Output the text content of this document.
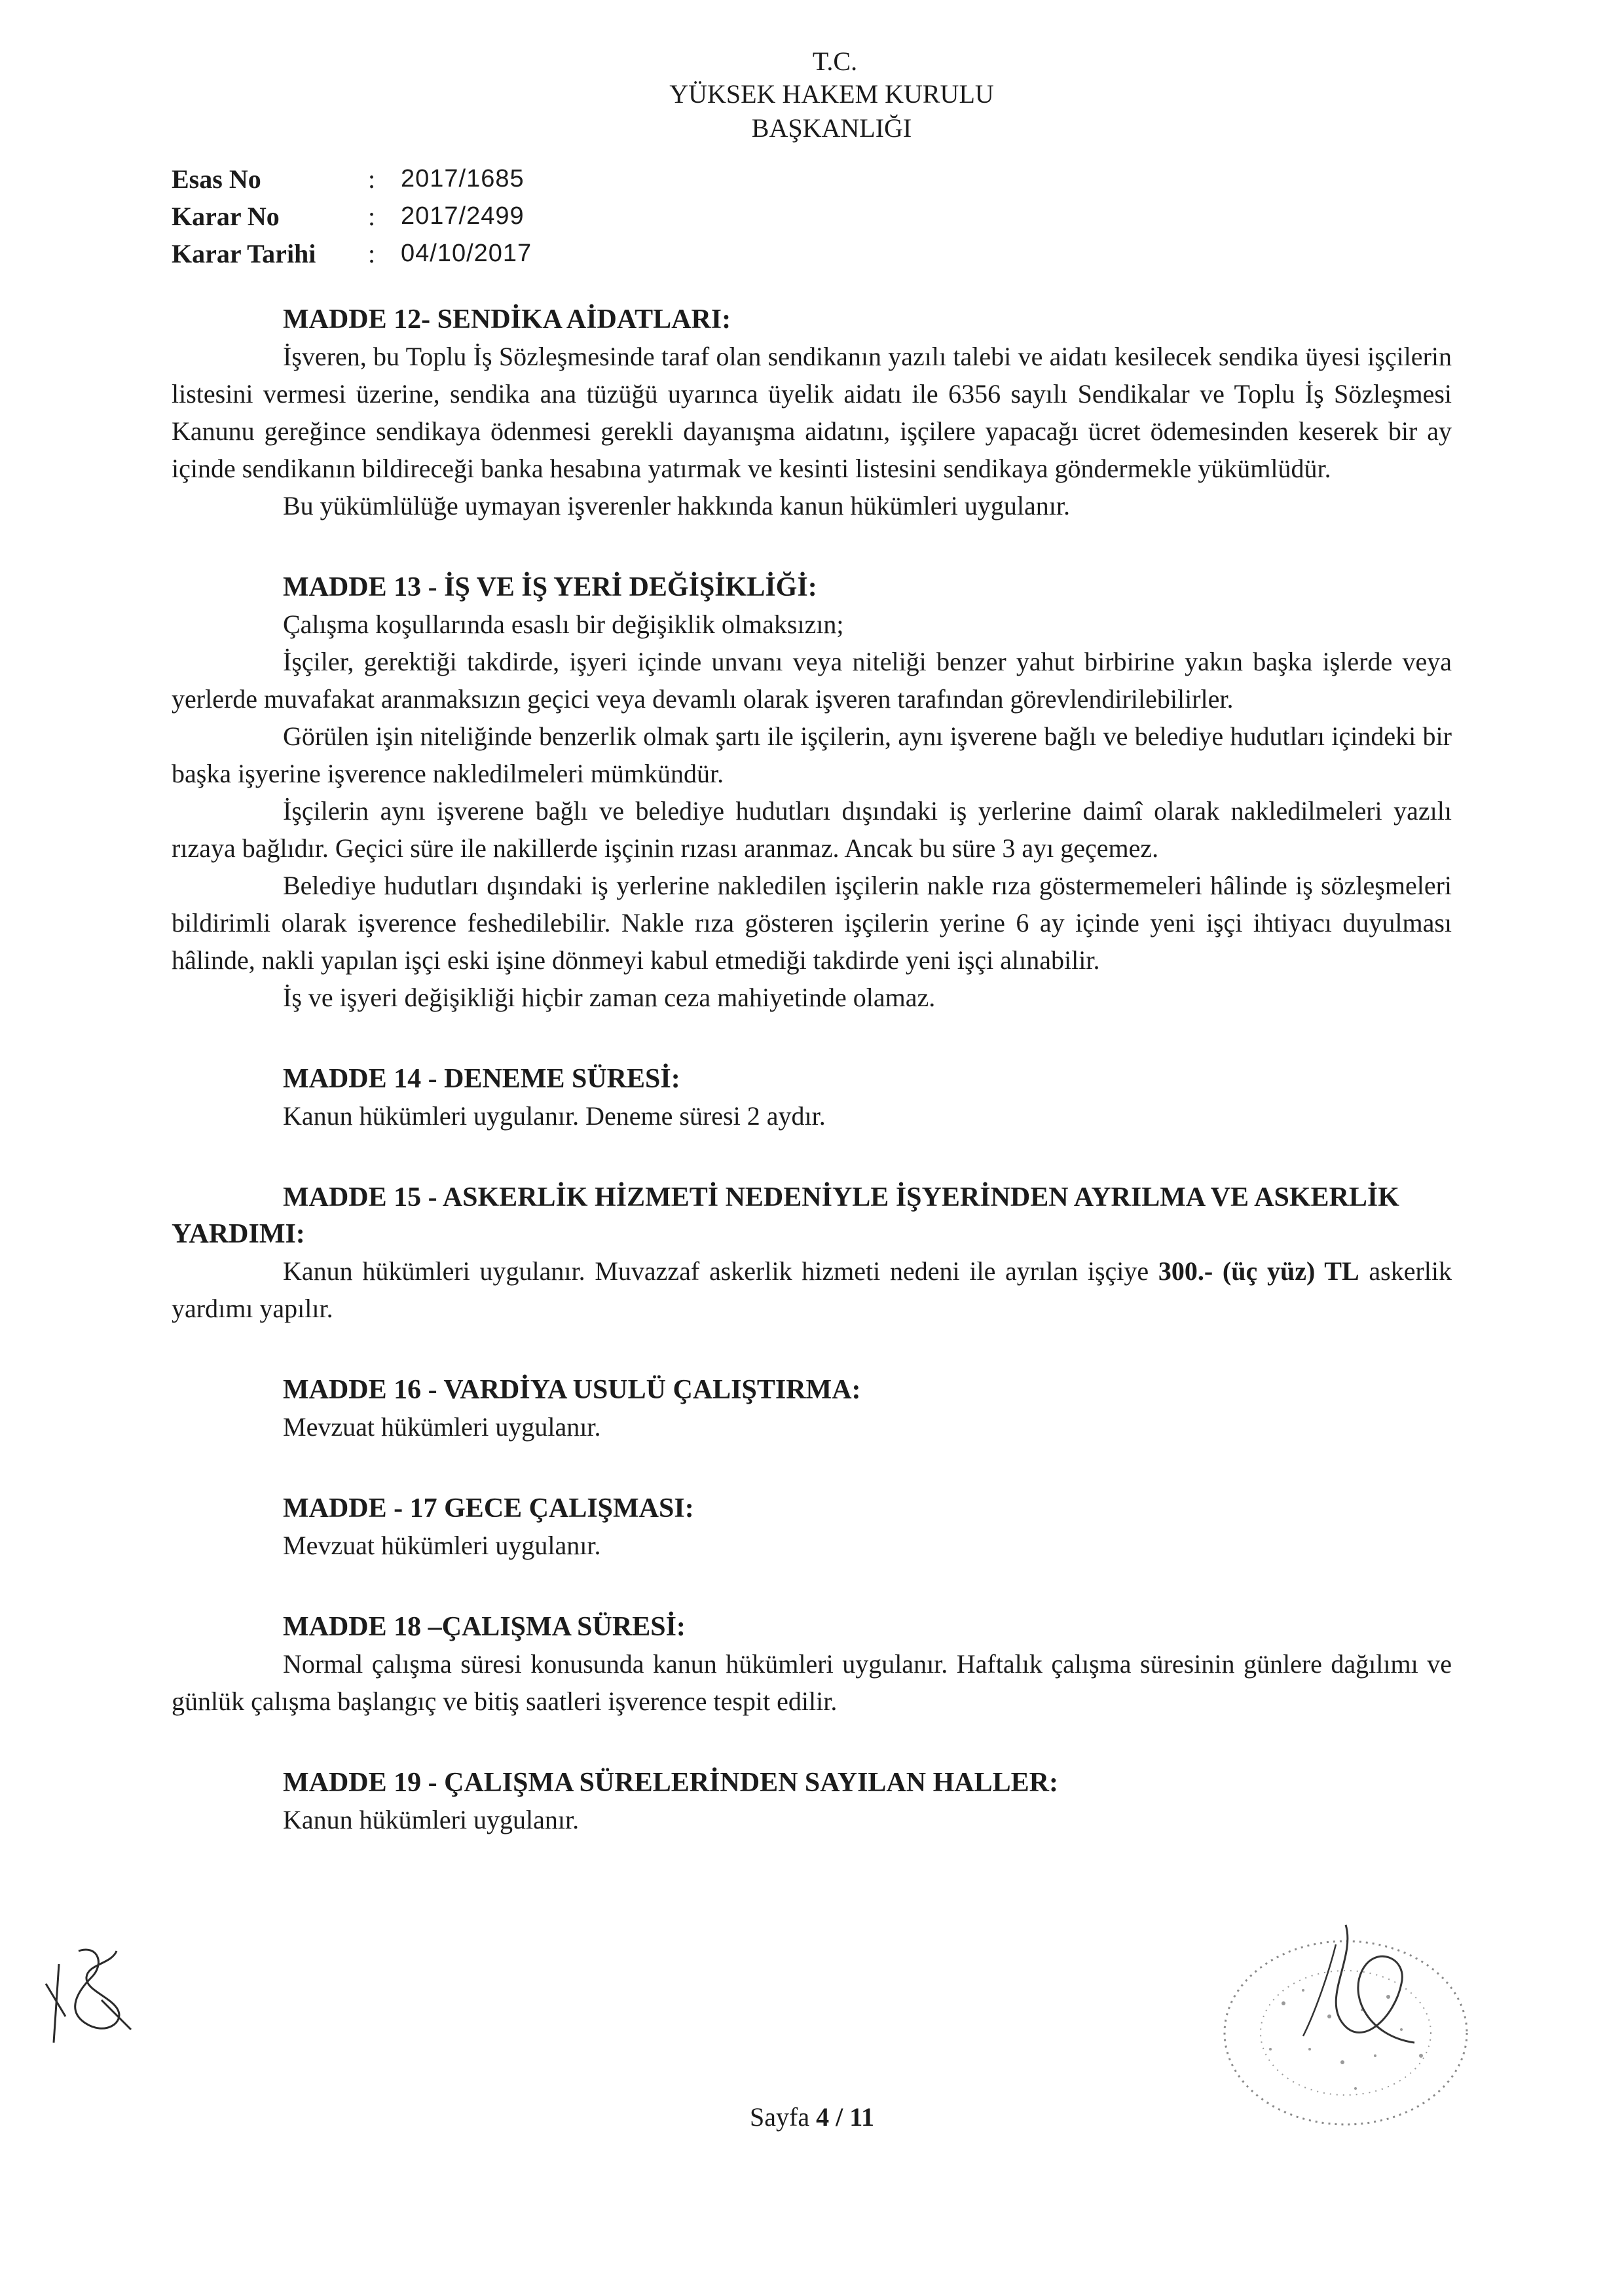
T.C.
YÜKSEK HAKEM KURULU
BAŞKANLIĞI
Esas No	:	2017/1685
Karar No	:	2017/2499
Karar Tarihi	:	04/10/2017
MADDE 12- SENDİKA AİDATLARI:

İşveren, bu Toplu İş Sözleşmesinde taraf olan sendikanın yazılı talebi ve aidatı kesilecek sendika üyesi işçilerin listesini vermesi üzerine, sendika ana tüzüğü uyarınca üyelik aidatı ile 6356 sayılı Sendikalar ve Toplu İş Sözleşmesi Kanunu gereğince sendikaya ödenmesi gerekli dayanışma aidatını, işçilere yapacağı ücret ödemesinden keserek bir ay içinde sendikanın bildireceği banka hesabına yatırmak ve kesinti listesini sendikaya göndermekle yükümlüdür.

Bu yükümlülüğe uymayan işverenler hakkında kanun hükümleri uygulanır.

MADDE 13 - İŞ VE İŞ YERİ DEĞİŞİKLİĞİ:

Çalışma koşullarında esaslı bir değişiklik olmaksızın;

İşçiler, gerektiği takdirde, işyeri içinde unvanı veya niteliği benzer yahut birbirine yakın başka işlerde veya yerlerde muvafakat aranmaksızın geçici veya devamlı olarak işveren tarafından görevlendirilebilirler.

Görülen işin niteliğinde benzerlik olmak şartı ile işçilerin, aynı işverene bağlı ve belediye hudutları içindeki bir başka işyerine işverence nakledilmeleri mümkündür.

İşçilerin aynı işverene bağlı ve belediye hudutları dışındaki iş yerlerine daimî olarak nakledilmeleri yazılı rızaya bağlıdır. Geçici süre ile nakillerde işçinin rızası aranmaz. Ancak bu süre 3 ayı geçemez.

Belediye hudutları dışındaki iş yerlerine nakledilen işçilerin nakle rıza göstermemeleri hâlinde iş sözleşmeleri bildirimli olarak işverence feshedilebilir. Nakle rıza gösteren işçilerin yerine 6 ay içinde yeni işçi ihtiyacı duyulması hâlinde, nakli yapılan işçi eski işine dönmeyi kabul etmediği takdirde yeni işçi alınabilir.

İş ve işyeri değişikliği hiçbir zaman ceza mahiyetinde olamaz.

MADDE 14 - DENEME SÜRESİ:

Kanun hükümleri uygulanır. Deneme süresi 2 aydır.

MADDE 15 - ASKERLİK HİZMETİ NEDENİYLE İŞYERİNDEN AYRILMA VE ASKERLİK YARDIMI:

Kanun hükümleri uygulanır. Muvazzaf askerlik hizmeti nedeni ile ayrılan işçiye 300.- (üç yüz) TL askerlik yardımı yapılır.

MADDE 16 - VARDİYA USULÜ ÇALIŞTIRMA:

Mevzuat hükümleri uygulanır.

MADDE - 17 GECE ÇALIŞMASI:

Mevzuat hükümleri uygulanır.

MADDE 18 –ÇALIŞMA SÜRESİ:

Normal çalışma süresi konusunda kanun hükümleri uygulanır. Haftalık çalışma süresinin günlere dağılımı ve günlük çalışma başlangıç ve bitiş saatleri işverence tespit edilir.

MADDE 19 - ÇALIŞMA SÜRELERİNDEN SAYILAN HALLER:

Kanun hükümleri uygulanır.

Sayfa 4 / 11
